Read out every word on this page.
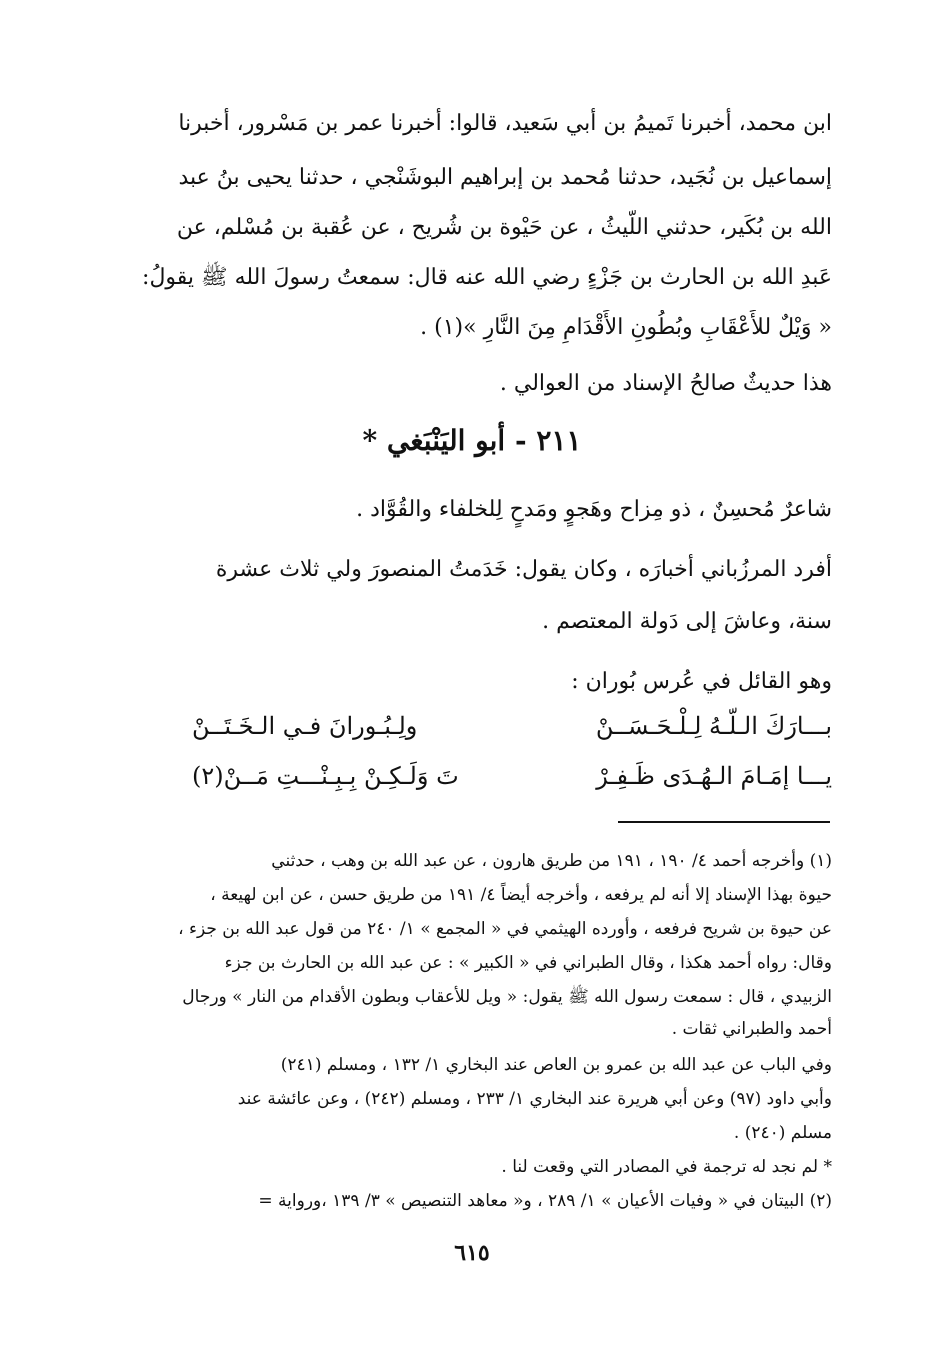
ابن محمد، أخبرنا تَميمُ بن أبي سَعيد، قالوا: أخبرنا عمر بن مَسْرور، أخبرنا
إسماعيل بن نُجَيد، حدثنا مُحمد بن إبراهيم البوشَنْجي ، حدثنا يحيى بنُ عبد
الله بن بُكَير، حدثني اللَّيثُ ، عن حَيْوة بن شُريح ، عن عُقبة بن مُسْلم، عن
عَبدِ الله بن الحارث بن جَزْءٍ رضي الله عنه قال: سمعتُ رسولَ الله ﷺ يقولُ:
« وَيْلٌ للأَعْقَابِ وبُطُونِ الأَقْدَامِ مِنَ النَّارِ »(١) .
هذا حديثٌ صالحُ الإسناد من العوالي .
٢١١ - أبو اليَنْبَغي *
شاعرٌ مُحسِنٌ ، ذو مِزاح وهَجوٍ ومَدحٍ لِلخلفاء والقُوَّاد .
أفرد المرزُباني أخبارَه ، وكان يقول: خَدَمتُ المنصورَ ولي ثلاث عشرة
سنة، وعاشَ إلى دَولة المعتصم .
وهو القائل في عُرس بُوران :
بـــارَكَ الـلّـهُ لِـلْـحَـسَــنْ
ولِـبُـورانَ فـي الـخَـتَــنْ
يـــا إمَـامَ الـهُـدَى ظَـفِـرْ
تَ وَلَـكِـنْ بِـبِـنْـــتِ مَــنْ(٢)
(١) وأخرجه أحمد ٤/ ١٩٠ ، ١٩١ من طريق هارون ، عن عبد الله بن وهب ، حدثني
حيوة بهذا الإسناد إلا أنه لم يرفعه ، وأخرجه أيضاً ٤/ ١٩١ من طريق حسن ، عن ابن لهيعة ،
عن حيوة بن شريح فرفعه ، وأورده الهيثمي في « المجمع » ١/ ٢٤٠ من قول عبد الله بن جزء ،
وقال: رواه أحمد هكذا ، وقال الطبراني في « الكبير » : عن عبد الله بن الحارث بن جزء
الزبيدي ، قال : سمعت رسول الله ﷺ يقول: « ويل للأعقاب وبطون الأقدام من النار » ورجال
أحمد والطبراني ثقات .
وفي الباب عن عبد الله بن عمرو بن العاص عند البخاري ١/ ١٣٢ ، ومسلم (٢٤١)
وأبي داود (٩٧) وعن أبي هريرة عند البخاري ١/ ٢٣٣ ، ومسلم (٢٤٢) ، وعن عائشة عند
مسلم (٢٤٠) .
* لم نجد له ترجمة في المصادر التي وقعت لنا .
(٢) البيتان في « وفيات الأعيان » ١/ ٢٨٩ ، و« معاهد التنصيص » ٣/ ١٣٩ ،ورواية =
٦١٥
